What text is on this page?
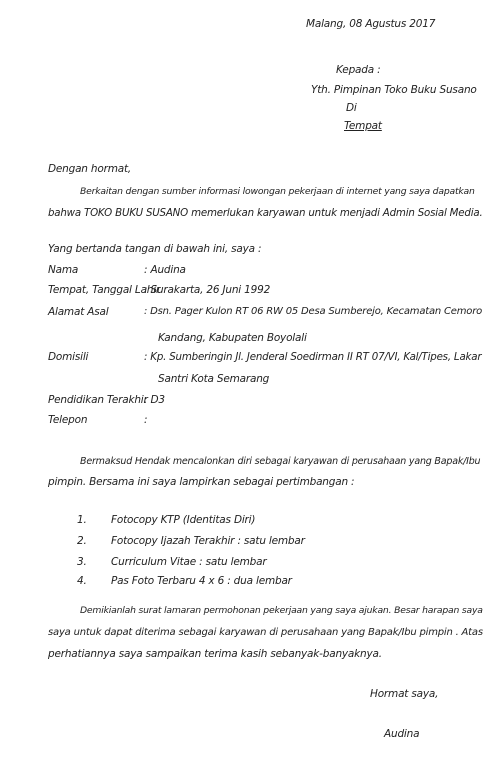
Malang, 08 Agustus 2017
Kepada :
Yth. Pimpinan Toko Buku Susano
Di
Tempat
Dengan hormat,
Berkaitan dengan sumber informasi lowongan pekerjaan di internet yang saya dapatkan
bahwa TOKO BUKU SUSANO memerlukan karyawan untuk menjadi Admin Sosial Media.
Yang bertanda tangan di bawah ini, saya :
Nama	: Audina
Tempat, Tanggal Lahir
: Surakarta, 26 Juni 1992
Alamat Asal	: Dsn. Pager Kulon RT 06 RW 05 Desa Sumberejo, Kecamatan Cemoro
Kandang, Kabupaten Boyolali
Domisili	: Kp. Sumberingin Jl. Jenderal Soedirman II RT 07/VI, Kal/Tipes, Lakar
Santri Kota Semarang
Pendidikan Terakhir
: D3
Telepon	:
Bermaksud Hendak mencalonkan diri sebagai karyawan di perusahaan yang Bapak/Ibu
pimpin. Bersama ini saya lampirkan sebagai pertimbangan :
1. Fotocopy KTP (Identitas Diri)
2. Fotocopy Ijazah Terakhir : satu lembar
3. Curriculum Vitae : satu lembar
4. Pas Foto Terbaru 4 x 6 : dua lembar
Demikianlah surat lamaran permohonan pekerjaan yang saya ajukan. Besar harapan saya
saya untuk dapat diterima sebagai karyawan di perusahaan yang Bapak/Ibu pimpin . Atas
perhatiannya saya sampaikan terima kasih sebanyak-banyaknya.
Hormat saya,
Audina
